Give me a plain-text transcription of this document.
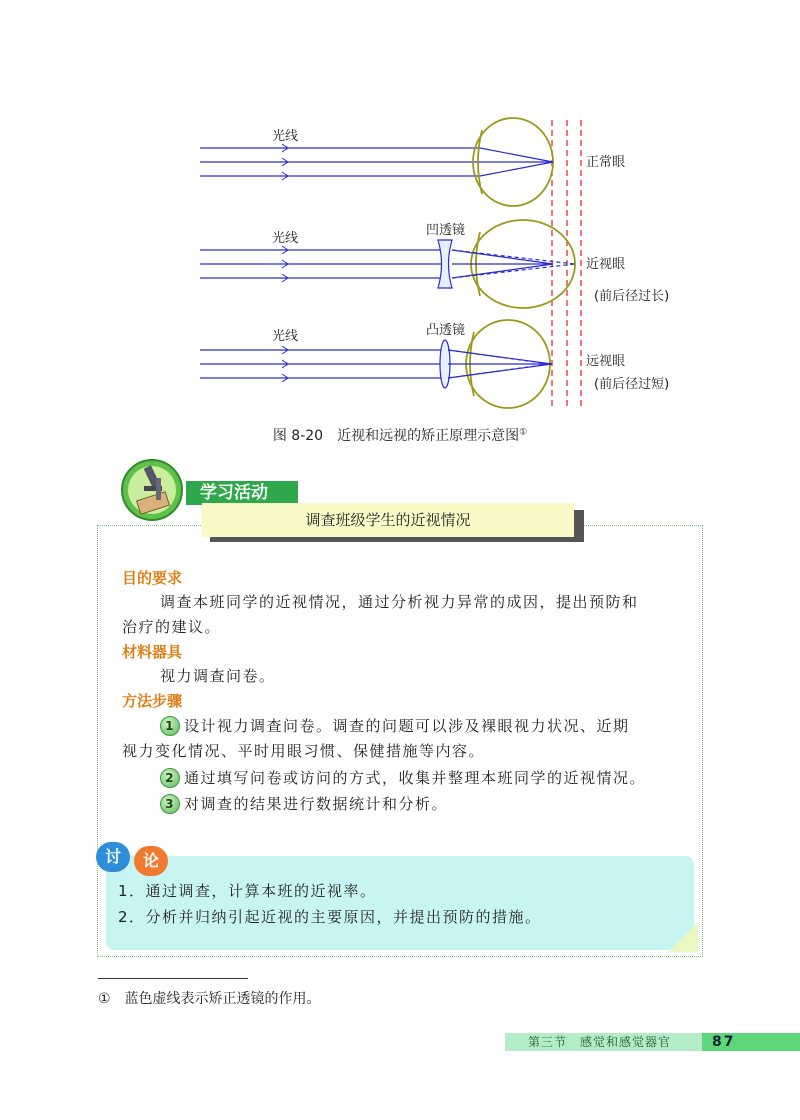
光线
光线
凹透镜
光线	凸透镜
正常眼
近视眼
(前后径过长)
远视眼
(前后径过短)
图 8-20　近视和远视的矫正原理示意图①
学习活动
调查班级学生的近视情况
目的要求
调查本班同学的近视情况，通过分析视力异常的成因，提出预防和
治疗的建议。
材料器具
视力调查问卷。
方法步骤
1 设计视力调查问卷。调查的问题可以涉及裸眼视力状况、近期
视力变化情况、平时用眼习惯、保健措施等内容。
2 通过填写问卷或访问的方式，收集并整理本班同学的近视情况。
3 对调查的结果进行数据统计和分析。
讨	论
1．通过调查，计算本班的近视率。
2．分析并归纳引起近视的主要原因，并提出预防的措施。
①　蓝色虚线表示矫正透镜的作用。
第三节　感觉和感觉器官	87
